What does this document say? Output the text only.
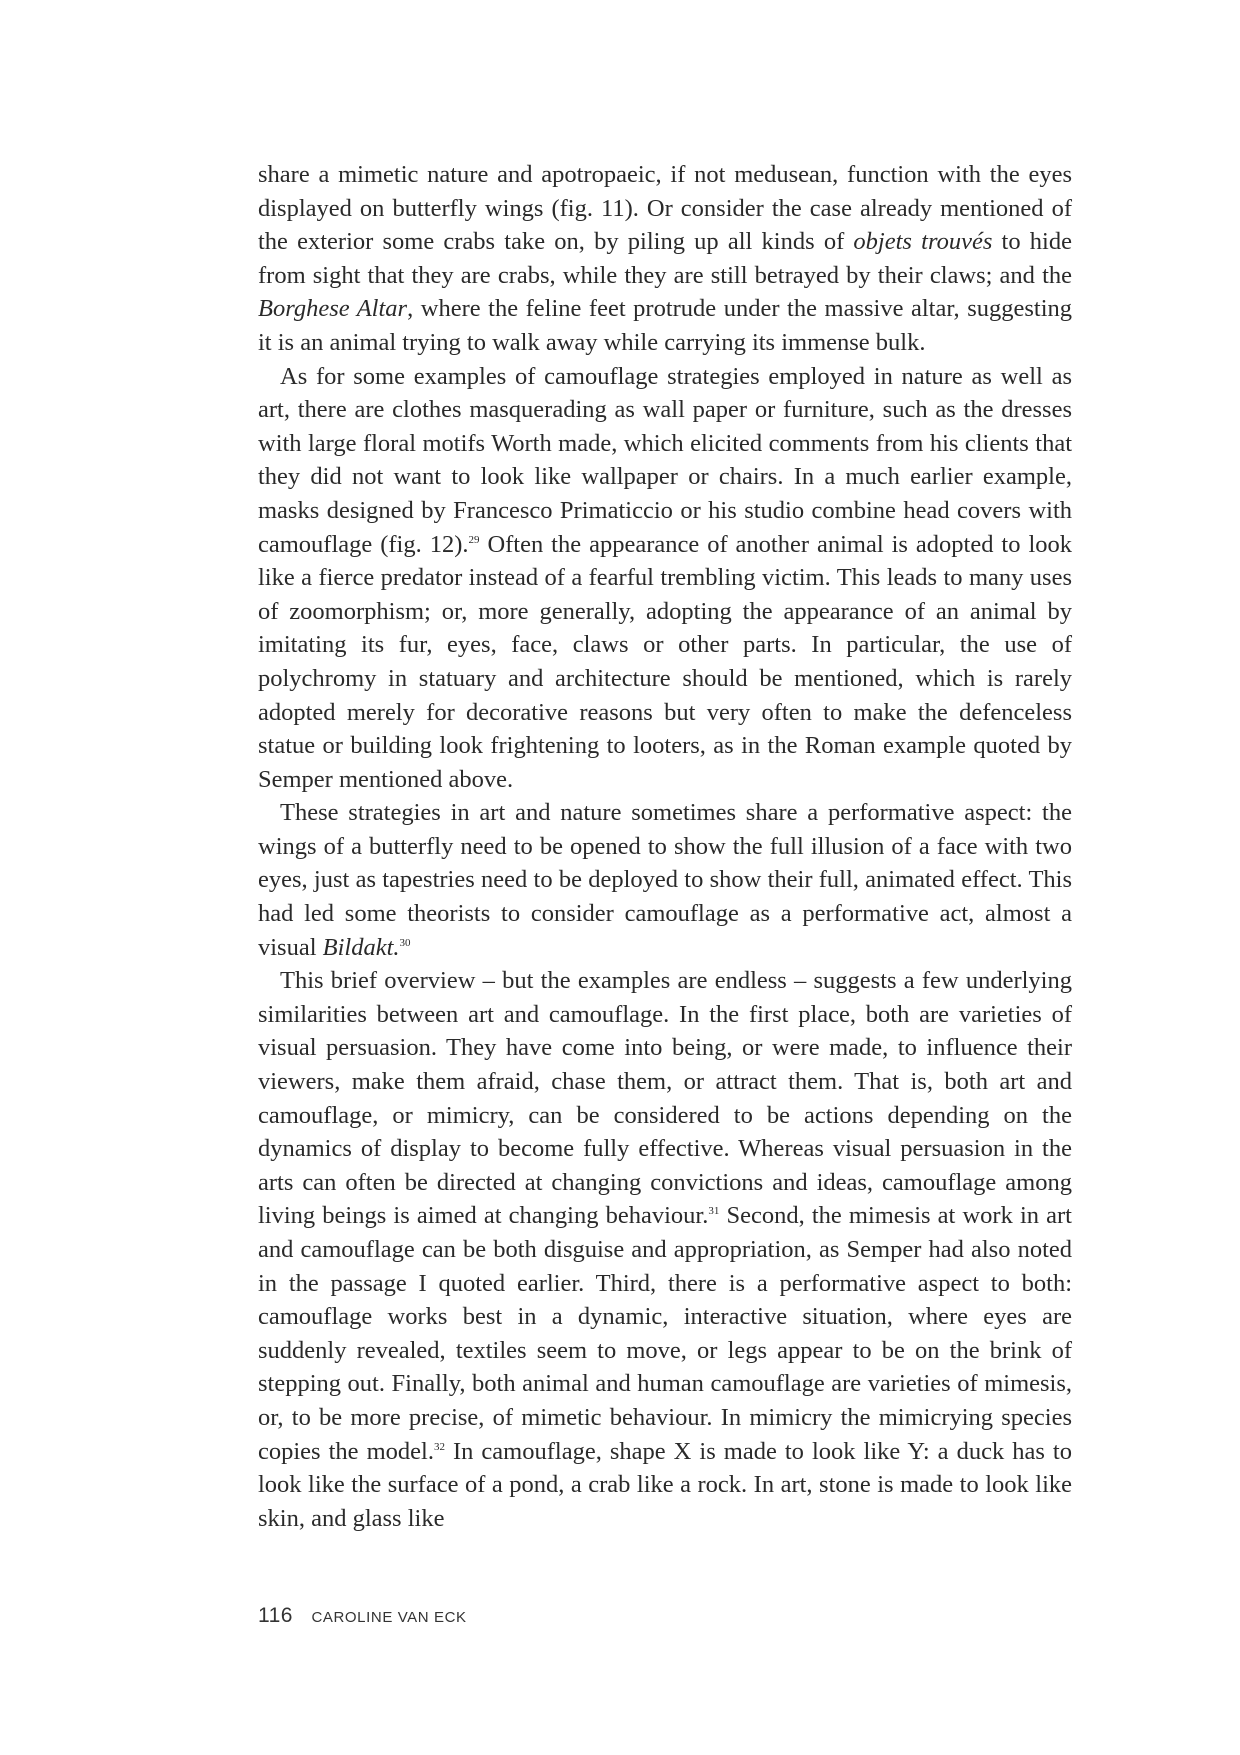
share a mimetic nature and apotropaeic, if not medusean, function with the eyes displayed on butterfly wings (fig. 11). Or consider the case already mentioned of the exterior some crabs take on, by piling up all kinds of objets trouvés to hide from sight that they are crabs, while they are still betrayed by their claws; and the Borghese Altar, where the feline feet protrude under the massive altar, suggesting it is an animal trying to walk away while carrying its immense bulk.

As for some examples of camouflage strategies employed in nature as well as art, there are clothes masquerading as wall paper or furniture, such as the dresses with large floral motifs Worth made, which elicited comments from his clients that they did not want to look like wallpaper or chairs. In a much earlier example, masks designed by Francesco Primaticcio or his studio combine head covers with camouflage (fig. 12).$^{29}$ Often the appearance of another animal is adopted to look like a fierce predator instead of a fearful trembling victim. This leads to many uses of zoomorphism; or, more generally, adopting the appearance of an animal by imitating its fur, eyes, face, claws or other parts. In particular, the use of polychromy in statuary and architecture should be mentioned, which is rarely adopted merely for decorative reasons but very often to make the defenceless statue or building look frightening to looters, as in the Roman example quoted by Semper mentioned above.

These strategies in art and nature sometimes share a performative aspect: the wings of a butterfly need to be opened to show the full illusion of a face with two eyes, just as tapestries need to be deployed to show their full, animated effect. This had led some theorists to consider camouflage as a performative act, almost a visual Bildakt.$^{30}$

This brief overview – but the examples are endless – suggests a few underlying similarities between art and camouflage. In the first place, both are varieties of visual persuasion. They have come into being, or were made, to influence their viewers, make them afraid, chase them, or attract them. That is, both art and camouflage, or mimicry, can be considered to be actions depending on the dynamics of display to become fully effective. Whereas visual persuasion in the arts can often be directed at changing convictions and ideas, camouflage among living beings is aimed at changing behaviour.$^{31}$ Second, the mimesis at work in art and camouflage can be both disguise and appropriation, as Semper had also noted in the passage I quoted earlier. Third, there is a performative aspect to both: camouflage works best in a dynamic, interactive situation, where eyes are suddenly revealed, textiles seem to move, or legs appear to be on the brink of stepping out. Finally, both animal and human camouflage are varieties of mimesis, or, to be more precise, of mimetic behaviour. In mimicry the mimicrying species copies the model.$^{32}$ In camouflage, shape X is made to look like Y: a duck has to look like the surface of a pond, a crab like a rock. In art, stone is made to look like skin, and glass like

116 CAROLINE VAN ECK
